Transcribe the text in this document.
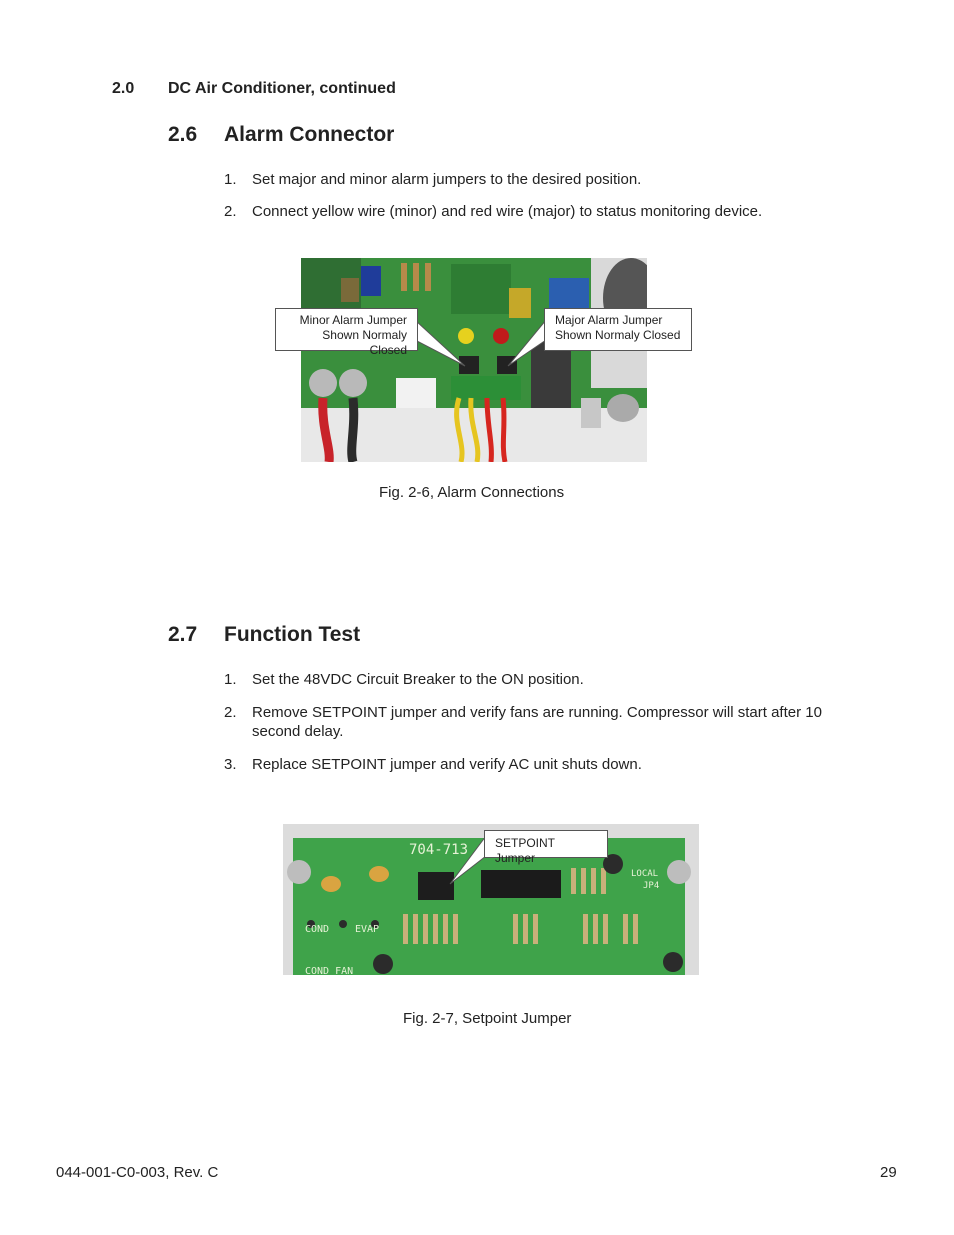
2.0 DC Air Conditioner, continued
2.6 Alarm Connector
1. Set major and minor alarm jumpers to the desired position.
2. Connect yellow wire (minor) and red wire (major) to status monitoring device.
Minor Alarm Jumper
Shown Normaly Closed
Major Alarm Jumper
Shown Normaly Closed
Fig. 2-6, Alarm Connections
2.7 Function Test
1. Set the 48VDC Circuit Breaker to the ON position.
2. Remove SETPOINT jumper and verify fans are running. Compressor will start after 10 second delay.
3. Replace SETPOINT jumper and verify AC unit shuts down.
704-713
COND	EVAP
COND FAN
LOCAL
JP4
SETPOINT Jumper
Fig. 2-7, Setpoint Jumper
044-001-C0-003, Rev. C	29
